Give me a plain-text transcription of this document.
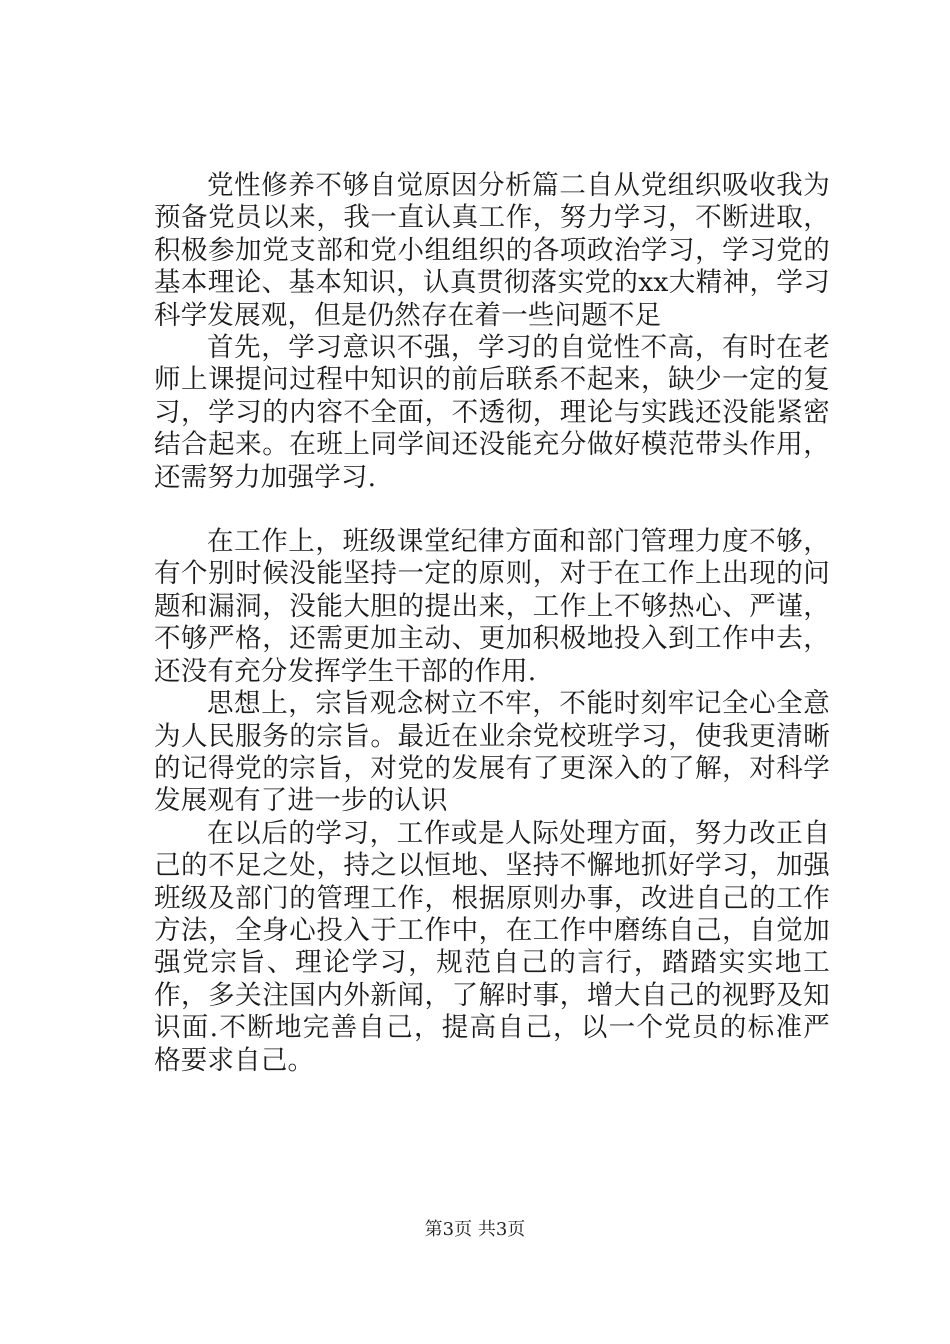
党性修养不够自觉原因分析篇二自从党组织吸收我为预备党员以来，我一直认真工作，努力学习，不断进取，积极参加党支部和党小组组织的各项政治学习，学习党的基本理论、基本知识，认真贯彻落实党的xx大精神，学习科学发展观，但是仍然存在着一些问题不足

首先，学习意识不强，学习的自觉性不高，有时在老师上课提问过程中知识的前后联系不起来，缺少一定的复习，学习的内容不全面，不透彻，理论与实践还没能紧密结合起来。在班上同学间还没能充分做好模范带头作用，还需努力加强学习.

在工作上，班级课堂纪律方面和部门管理力度不够，有个别时候没能坚持一定的原则，对于在工作上出现的问题和漏洞，没能大胆的提出来，工作上不够热心、严谨，不够严格，还需更加主动、更加积极地投入到工作中去，还没有充分发挥学生干部的作用.

思想上，宗旨观念树立不牢，不能时刻牢记全心全意为人民服务的宗旨。最近在业余党校班学习，使我更清晰的记得党的宗旨，对党的发展有了更深入的了解，对科学发展观有了进一步的认识

在以后的学习，工作或是人际处理方面，努力改正自己的不足之处，持之以恒地、坚持不懈地抓好学习，加强班级及部门的管理工作，根据原则办事，改进自己的工作方法，全身心投入于工作中，在工作中磨练自己，自觉加强党宗旨、理论学习，规范自己的言行，踏踏实实地工作，多关注国内外新闻，了解时事，增大自己的视野及知识面.不断地完善自己，提高自己，以一个党员的标准严格要求自己。

第3页 共3页
